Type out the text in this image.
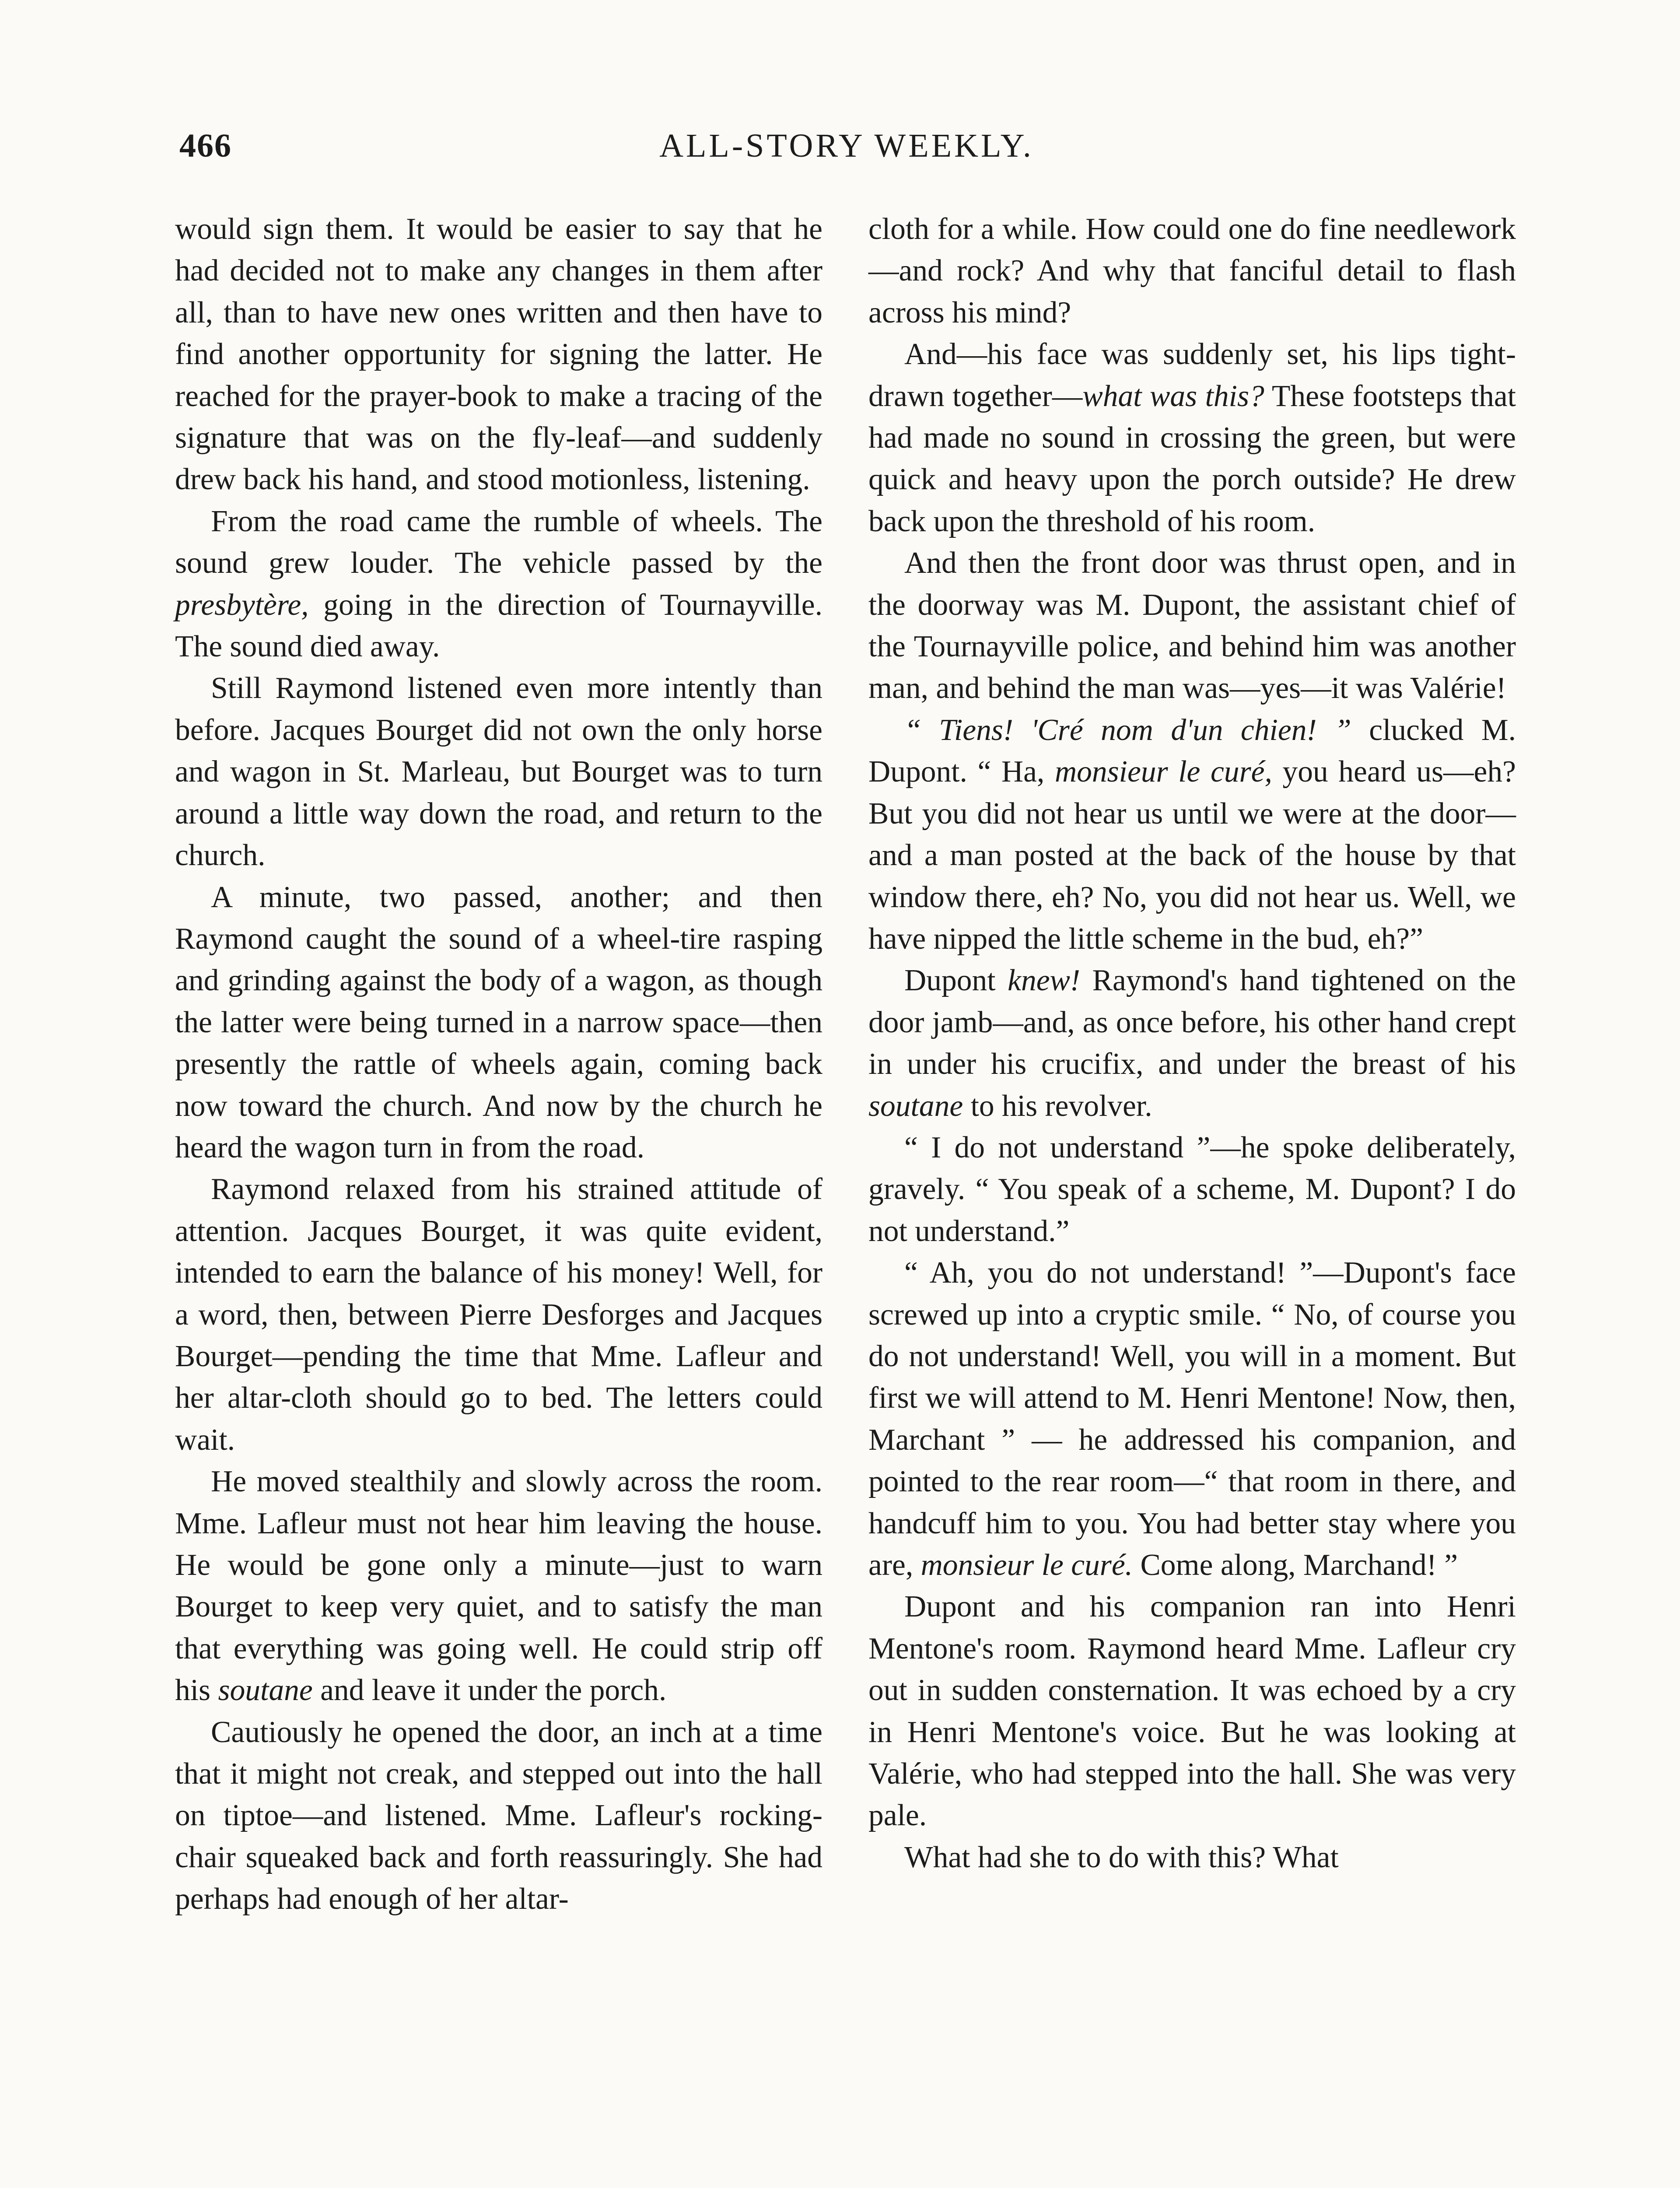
466	ALL-STORY WEEKLY.

would sign them. It would be easier to say that he had decided not to make any changes in them after all, than to have new ones written and then have to find another opportunity for signing the latter. He reached for the prayer-book to make a tracing of the signature that was on the fly-leaf—and suddenly drew back his hand, and stood motionless, listening.

From the road came the rumble of wheels. The sound grew louder. The vehicle passed by the presbytère, going in the direction of Tournayville. The sound died away.

Still Raymond listened even more intently than before. Jacques Bourget did not own the only horse and wagon in St. Marleau, but Bourget was to turn around a little way down the road, and return to the church.

A minute, two passed, another; and then Raymond caught the sound of a wheel-tire rasping and grinding against the body of a wagon, as though the latter were being turned in a narrow space—then presently the rattle of wheels again, coming back now toward the church. And now by the church he heard the wagon turn in from the road.

Raymond relaxed from his strained attitude of attention. Jacques Bourget, it was quite evident, intended to earn the balance of his money! Well, for a word, then, between Pierre Desforges and Jacques Bourget—pending the time that Mme. Lafleur and her altar-cloth should go to bed. The letters could wait.

He moved stealthily and slowly across the room. Mme. Lafleur must not hear him leaving the house. He would be gone only a minute—just to warn Bourget to keep very quiet, and to satisfy the man that everything was going well. He could strip off his soutane and leave it under the porch.

Cautiously he opened the door, an inch at a time that it might not creak, and stepped out into the hall on tiptoe—and listened. Mme. Lafleur's rocking-chair squeaked back and forth reassuringly. She had perhaps had enough of her altar-

cloth for a while. How could one do fine needlework—and rock? And why that fanciful detail to flash across his mind?

And—his face was suddenly set, his lips tight-drawn together—what was this? These footsteps that had made no sound in crossing the green, but were quick and heavy upon the porch outside? He drew back upon the threshold of his room.

And then the front door was thrust open, and in the doorway was M. Dupont, the assistant chief of the Tournayville police, and behind him was another man, and behind the man was—yes—it was Valérie!

“ Tiens! 'Cré nom d'un chien! ” clucked M. Dupont. “ Ha, monsieur le curé, you heard us—eh? But you did not hear us until we were at the door—and a man posted at the back of the house by that window there, eh? No, you did not hear us. Well, we have nipped the little scheme in the bud, eh?”

Dupont knew! Raymond's hand tightened on the door jamb—and, as once before, his other hand crept in under his crucifix, and under the breast of his soutane to his revolver.

“ I do not understand ”—he spoke deliberately, gravely. “ You speak of a scheme, M. Dupont? I do not understand.”

“ Ah, you do not understand! ”—Dupont's face screwed up into a cryptic smile. “ No, of course you do not understand! Well, you will in a moment. But first we will attend to M. Henri Mentone! Now, then, Marchant ” — he addressed his companion, and pointed to the rear room—“ that room in there, and handcuff him to you. You had better stay where you are, monsieur le curé. Come along, Marchand! ”

Dupont and his companion ran into Henri Mentone's room. Raymond heard Mme. Lafleur cry out in sudden consternation. It was echoed by a cry in Henri Mentone's voice. But he was looking at Valérie, who had stepped into the hall. She was very pale.

What had she to do with this? What
